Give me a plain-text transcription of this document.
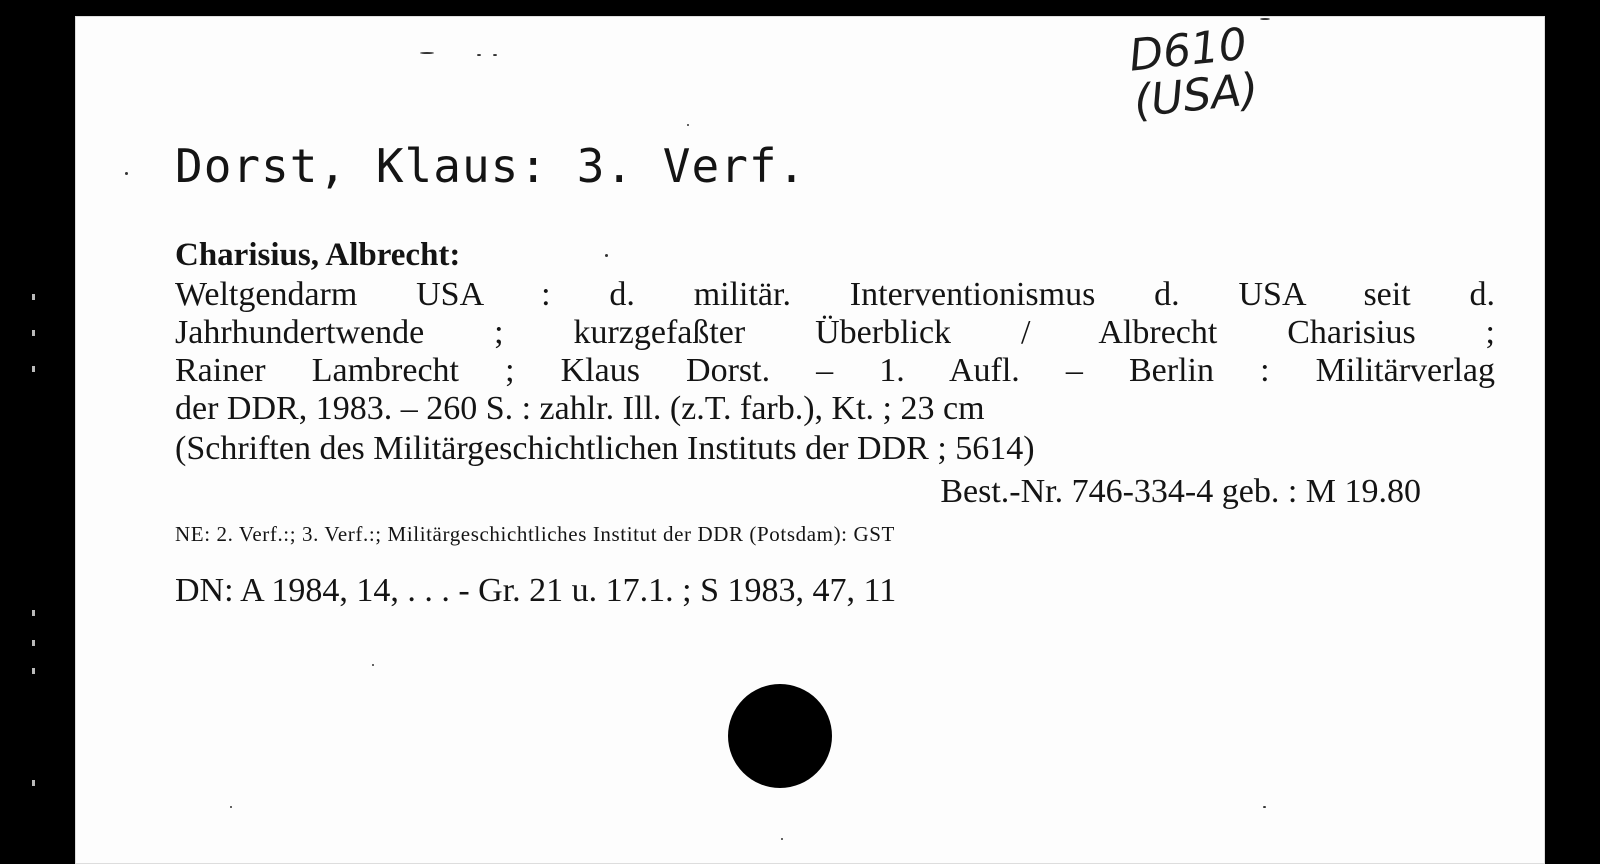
D610
(USA)
Dorst, Klaus: 3. Verf.
Charisius, Albrecht:
Weltgendarm USA : d. militär. Interventionismus d. USA seit d.
Jahrhundertwende ; kurzgefaßter Überblick / Albrecht Charisius ;
Rainer Lambrecht ; Klaus Dorst. – 1. Aufl. – Berlin : Militärverlag
der DDR, 1983. – 260 S. : zahlr. Ill. (z.T. farb.), Kt. ; 23 cm
(Schriften des Militärgeschichtlichen Instituts der DDR ; 5614)
Best.-Nr. 746-334-4 geb. : M 19.80
NE: 2. Verf.:; 3. Verf.:; Militärgeschichtliches Institut der DDR (Potsdam): GST
DN: A 1984, 14, . . . - Gr. 21 u. 17.1. ; S 1983, 47, 11
